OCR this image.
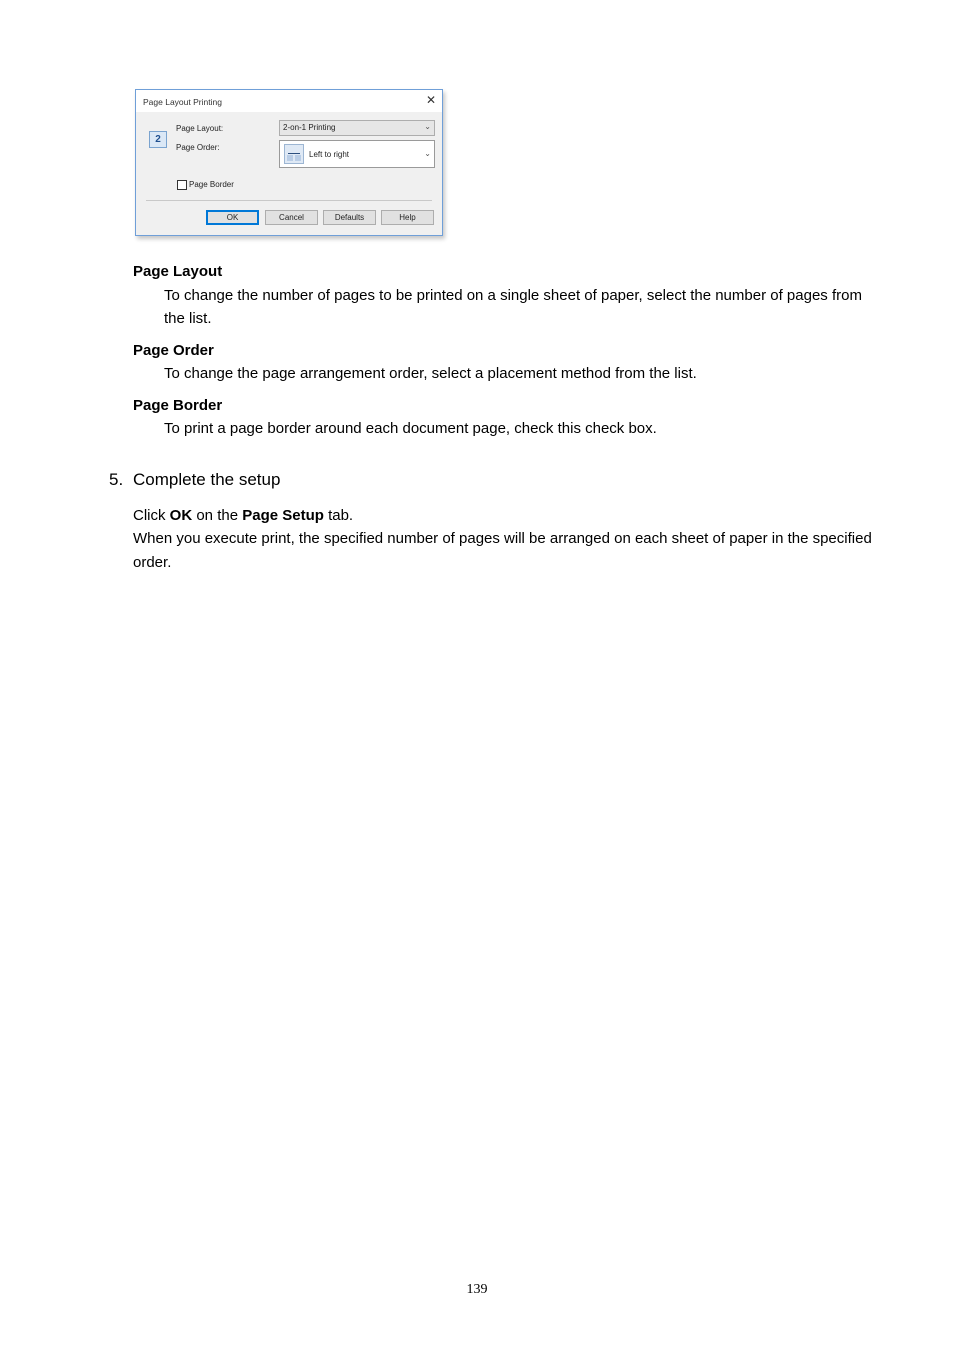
Page Layout Printing	✕
2
Page Layout:	2-on-1 Printing	⌄
Page Order:
Left to right	⌄
Page Border
OK	Cancel	Defaults	Help
Page Layout
To change the number of pages to be printed on a single sheet of paper, select the number of pages from the list.
Page Order
To change the page arrangement order, select a placement method from the list.
Page Border
To print a page border around each document page, check this check box.
5. Complete the setup
Click OK on the Page Setup tab.
When you execute print, the specified number of pages will be arranged on each sheet of paper in the specified order.
139
